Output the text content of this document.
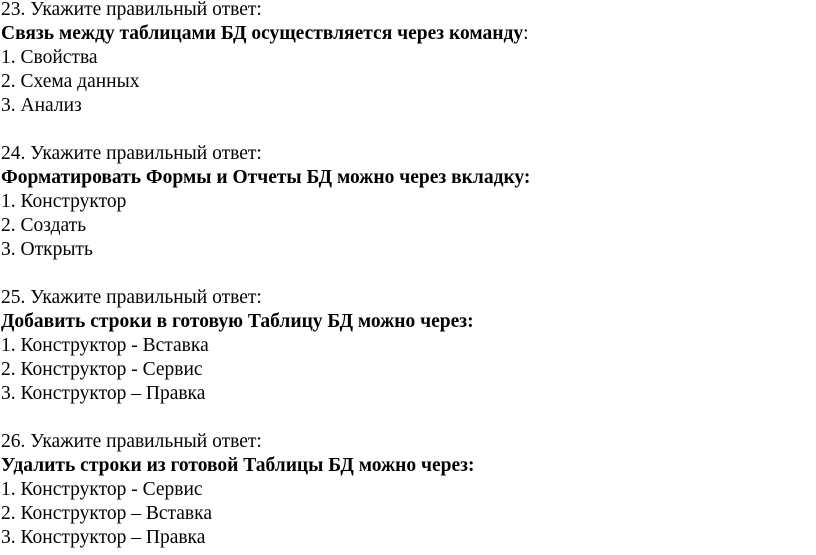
23. Укажите правильный ответ:
Связь между таблицами БД осуществляется через команду:
1. Свойства
2. Схема данных
3. Анализ
24. Укажите правильный ответ:
Форматировать Формы и Отчеты БД можно через вкладку:
1. Конструктор
2. Создать
3. Открыть
25. Укажите правильный ответ:
Добавить строки в готовую Таблицу БД можно через:
1. Конструктор - Вставка
2. Конструктор - Сервис
3. Конструктор – Правка
26. Укажите правильный ответ:
Удалить строки из готовой Таблицы БД можно через:
1. Конструктор - Сервис
2. Конструктор – Вставка
3. Конструктор – Правка
